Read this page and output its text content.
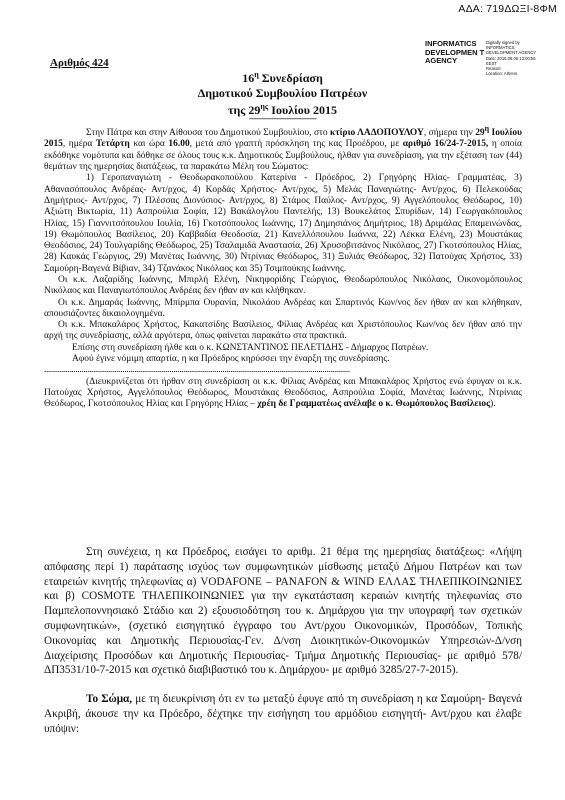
ΑΔΑ: 719ΔΩΞΙ-8ΦΜ
INFORMATICS DEVELOPMEN T AGENCY
Digitally signed by
INFORMATICS
DEVELOPMENT AGENCY
Date: 2015.08.06 13:00:56
EEST
Reason:
Location: Athens
Αριθμός 424
$16^\eta$ Συνεδρίαση
Δημοτικού Συμβουλίου Πατρέων
της $29^{\eta\varsigma}$ Ιουλίου 2015
---------------------------

Στην Πάτρα και στην Αίθουσα του Δημοτικού Συμβουλίου, στο κτίριο ΛΑΔΟΠΟΥΛΟΥ, σήμερα την $29^\eta$ Ιουλίου 2015, ημέρα Τετάρτη και ώρα 16.00, μετά από γραπτή πρόσκληση της κας Προέδρου, με αριθμό 16/24-7-2015, η οποία εκδόθηκε νομότυπα και δόθηκε σε όλους τους κ.κ. Δημοτικούς Συμβούλους, ήλθαν για συνεδρίαση, για την εξέταση των (44) θεμάτων της ημερησίας διατάξεως, τα παρακάτω Μέλη του Σώματος:

1) Γεροπαναγιώτη - Θεοδωρακοπούλου Κατερίνα - Πρόεδρος, 2) Γρηγόρης Ηλίας- Γραμματέας, 3) Αθανασόπουλος Ανδρέας- Αντ/ρχος, 4) Κορδάς Χρήστος- Αντ/ρχος, 5) Μελάς Παναγιώτης- Αντ/ρχος, 6) Πελεκούδας Δημήτριος- Αντ/ρχος, 7) Πλέσσας Διονύσιος- Αντ/ρχος, 8) Στάμος Παύλος- Αντ/ρχος, 9) Αγγελόπουλος Θεόδωρος, 10) Αξιώτη Βικτωρία, 11) Ασπρούλια Σοφία, 12) Βακάλογλου Παντελής, 13) Βουκελάτος Σπυρίδων, 14) Γεωργακόπουλος Ηλίας, 15) Γιαννιτσόπουλου Ιουλία, 16) Γκοτσόπουλος Ιωάννης, 17) Δημησιάνος Δημήτριος, 18) Δριμάλας Επαμεινώνδας, 19) Θωμόπουλος Βασίλειος, 20) Καββαδία Θεοδοσία, 21) Κανελλόπουλου Ιωάννα, 22) Λέκκα Ελένη, 23) Μουστάκας Θεοδόσιος, 24) Τουλγαρίδης Θεόδωρος, 25) Τσαλαμιδά Αναστασία, 26) Χρυσοβιτσάνος Νικόλαος, 27) Γκοτσόπουλος Ηλίας, 28) Καυκάς Γεώργιος, 29) Μανέτας Ιωάννης, 30) Ντρίνιας Θεόδωρος, 31) Ξυλιάς Θεόδωρος, 32) Πατούχας Χρήστος, 33) Σαμούρη-Βαγενά Βίβιαν, 34) Τζανάκος Νικόλαος και 35) Τσιμπούκης Ιωάννης.

Οι κ.κ. Λαζαρίδης Ιωάννης, Μπιρλή Ελένη, Νικηφορίδης Γεώργιος, Θεοδωρόπουλος Νικόλαος, Οικονομόπουλος Νικόλαος και Παναγιωτόπουλος Ανδρέας δεν ήθαν αν και κλήθηκαν.

Οι κ.κ. Δημαράς Ιωάννης, Μπίρμπα Ουρανία, Νικολάου Ανδρέας και Σπαρτινός Κων/νος δεν ήθαν αν και κλήθηκαν, απουσιάζοντες δικαιολογημένα.

Οι κ.κ. Μπακαλάρος Χρήστος, Κακατσίδης Βασίλειος, Φίλιας Ανδρέας και Χριστόπουλος Κων/νος δεν ήθαν από την αρχή της συνεδρίασης, αλλά αργότερα, όπως φαίνεται παρακάτω στα πρακτικά.

Επίσης στη συνεδρίαση ήλθε και ο κ. ΚΩΝΣΤΑΝΤΙΝΟΣ ΠΕΛΕΤΙΔΗΣ - Δήμαρχος Πατρέων.

Αφού έγινε νόμιμη απαρτία, η κα Πρόεδρος κηρύσσει την έναρξη της συνεδρίασης.

............................................................................................................................................................

(Διευκρινίζεται ότι ήρθαν στη συνεδρίαση οι κ.κ. Φίλιας Ανδρέας και Μπακαλάρος Χρήστος ενώ έφυγαν οι κ.κ. Πατούχας Χρήστος, Αγγελόπουλος Θεόδωρος, Μουστάκας Θεοδόσιος, Ασπρούλια Σοφία, Μανέτας Ιωάννης, Ντρίνιας Θεόδωρος, Γκοτσόπουλος Ηλίας και Γρηγόρης Ηλίας – χρέη δε Γραμματέως ανέλαβε ο κ. Θωμόπουλος Βασίλειος).

Στη συνέχεια, η κα Πρόεδρος, εισάγει το αριθμ. 21 θέμα της ημερησίας διατάξεως: «Λήψη απόφασης περί 1) παράτασης ισχύος των συμφωνητικών μίσθωσης μεταξύ Δήμου Πατρέων και των εταιρειών κινητής τηλεφωνίας α) VODAFONE – PANAFON & WIND ΕΛΛΑΣ ΤΗΛΕΠΙΚΟΙΝΩΝΙΕΣ και β) COSMOTE ΤΗΛΕΠΙΚΟΙΝΩΝΙΕΣ για την εγκατάσταση κεραιών κινητής τηλεφωνίας στο Παμπελοποννησιακό Στάδιο και 2) εξουσιοδότηση του κ. Δημάρχου για την υπογραφή των σχετικών συμφωνητικών», (σχετικό εισηγητικό έγγραφο του Αντ/ρχου Οικονομικών, Προσόδων, Τοπικής Οικονομίας και Δημοτικής Περιουσίας-Γεν. Δ/νση Διοικητικών-Οικονομικών Υπηρεσιών-Δ/νση Διαχείρισης Προσόδων και Δημοτικής Περιουσίας- Τμήμα Δημοτικής Περιουσίας- με αριθμό 578/ΔΠ3531/10-7-2015 και σχετικό διαβιβαστικό του κ. Δημάρχου- με αριθμό 3285/27-7-2015).

Το Σώμα, με τη διευκρίνιση ότι εν τω μεταξύ έφυγε από τη συνεδρίαση η κα Σαμούρη- Βαγενά Ακριβή, άκουσε την κα Πρόεδρο, δέχτηκε την εισήγηση του αρμόδιου εισηγητή- Αντ/ρχου και έλαβε υπόψιν:
